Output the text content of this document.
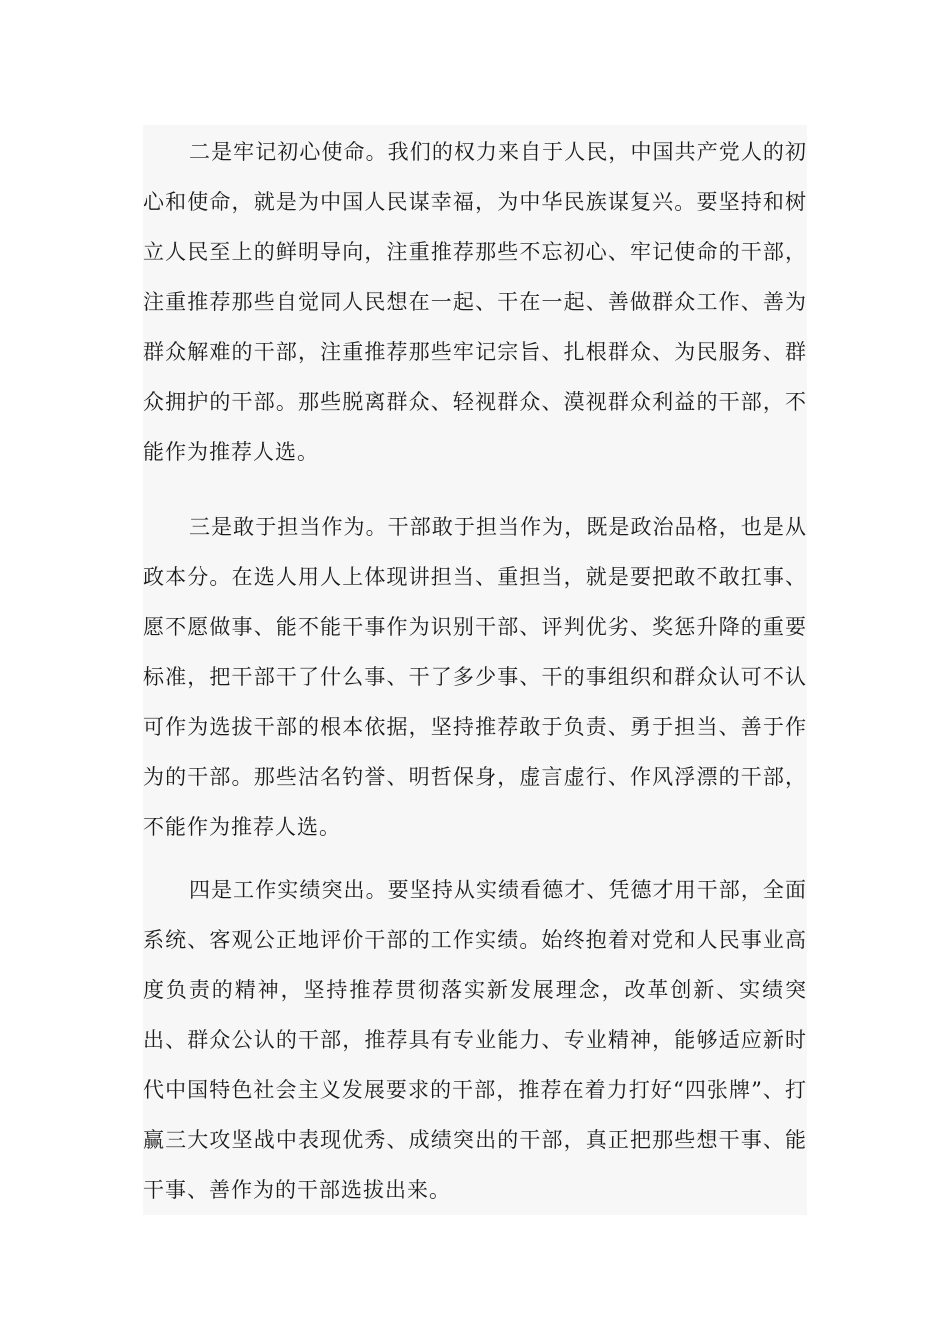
二是牢记初心使命。我们的权力来自于人民，中国共产党人的初心和使命，就是为中国人民谋幸福，为中华民族谋复兴。要坚持和树立人民至上的鲜明导向，注重推荐那些不忘初心、牢记使命的干部，注重推荐那些自觉同人民想在一起、干在一起、善做群众工作、善为群众解难的干部，注重推荐那些牢记宗旨、扎根群众、为民服务、群众拥护的干部。那些脱离群众、轻视群众、漠视群众利益的干部，不能作为推荐人选。

三是敢于担当作为。干部敢于担当作为，既是政治品格，也是从政本分。在选人用人上体现讲担当、重担当，就是要把敢不敢扛事、愿不愿做事、能不能干事作为识别干部、评判优劣、奖惩升降的重要标准，把干部干了什么事、干了多少事、干的事组织和群众认可不认可作为选拔干部的根本依据，坚持推荐敢于负责、勇于担当、善于作为的干部。那些沽名钓誉、明哲保身，虚言虚行、作风浮漂的干部，不能作为推荐人选。

四是工作实绩突出。要坚持从实绩看德才、凭德才用干部，全面系统、客观公正地评价干部的工作实绩。始终抱着对党和人民事业高度负责的精神，坚持推荐贯彻落实新发展理念，改革创新、实绩突出、群众公认的干部，推荐具有专业能力、专业精神，能够适应新时代中国特色社会主义发展要求的干部，推荐在着力打好“四张牌”、打赢三大攻坚战中表现优秀、成绩突出的干部，真正把那些想干事、能干事、善作为的干部选拔出来。
